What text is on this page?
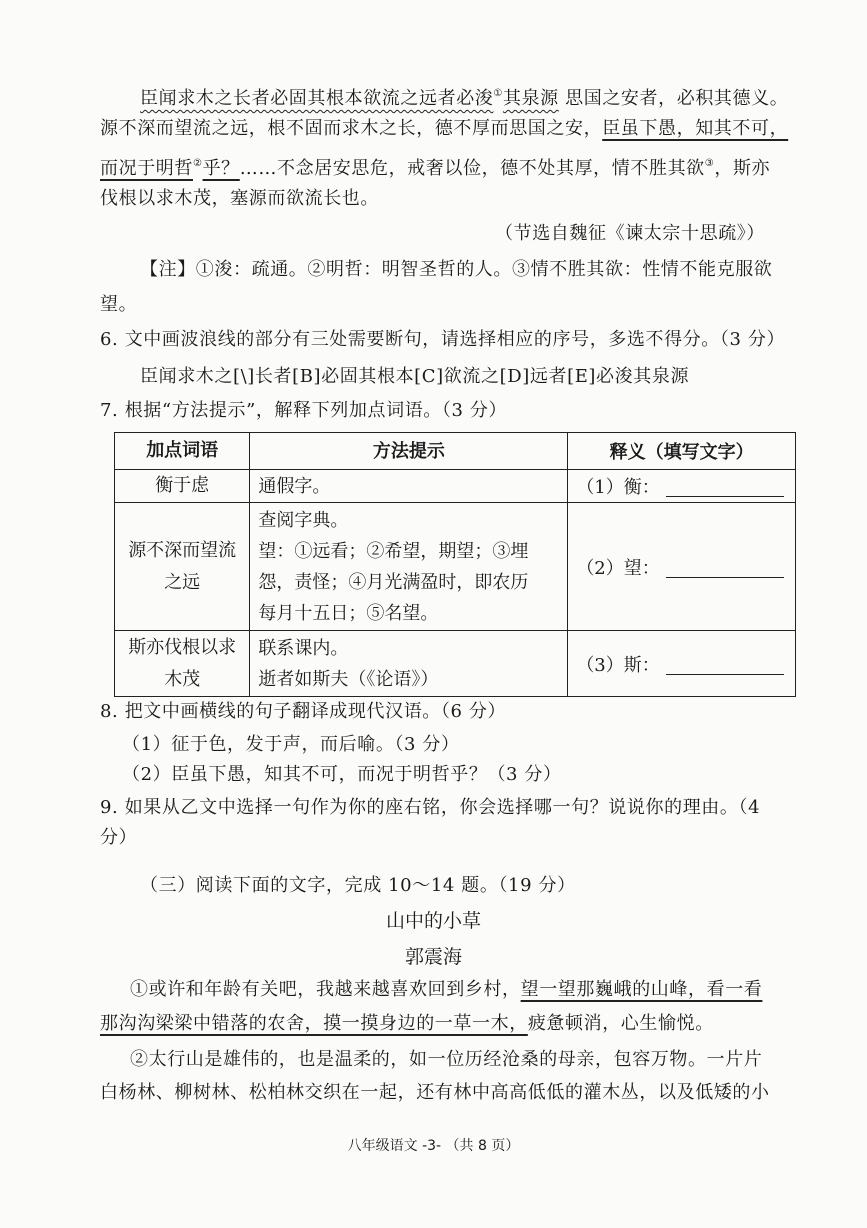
臣闻求木之长者必固其根本欲流之远者必浚①其泉源 思国之安者，必积其德义。
源不深而望流之远，根不固而求木之长，德不厚而思国之安，臣虽下愚，知其不可，
而况于明哲②乎？……不念居安思危，戒奢以俭，德不处其厚，情不胜其欲③，斯亦
伐根以求木茂，塞源而欲流长也。
（节选自魏征《谏太宗十思疏》）
【注】①浚：疏通。②明哲：明智圣哲的人。③情不胜其欲：性情不能克服欲
望。
6. 文中画波浪线的部分有三处需要断句，请选择相应的序号，多选不得分。（3 分）
臣闻求木之[\]长者[B]必固其根本[C]欲流之[D]远者[E]必浚其泉源
7. 根据“方法提示”，解释下列加点词语。（3 分）
加点词语	方法提示	释义（填写文字）
衡于虑	通假字。	（1）衡：

源不深而望流之远	查阅字典。
望：①远看；②希望，期望；③埋
怨，责怪；④月光满盈时，即农历
每月十五日；⑤名望。	（2）望：

斯亦伐根以求木茂	联系课内。
逝者如斯夫（《论语》）	（3）斯：
8. 把文中画横线的句子翻译成现代汉语。（6 分）
（1）征于色，发于声，而后喻。（3 分）
（2）臣虽下愚，知其不可，而况于明哲乎？（3 分）
9. 如果从乙文中选择一句作为你的座右铭，你会选择哪一句？说说你的理由。（4
分）
（三）阅读下面的文字，完成 10～14 题。（19 分）
山中的小草
郭震海
①或许和年龄有关吧，我越来越喜欢回到乡村，望一望那巍峨的山峰，看一看
那沟沟梁梁中错落的农舍，摸一摸身边的一草一木，疲惫顿消，心生愉悦。
②太行山是雄伟的，也是温柔的，如一位历经沧桑的母亲，包容万物。一片片
白杨林、柳树林、松柏林交织在一起，还有林中高高低低的灌木丛，以及低矮的小
八年级语文 -3- （共 8 页）
